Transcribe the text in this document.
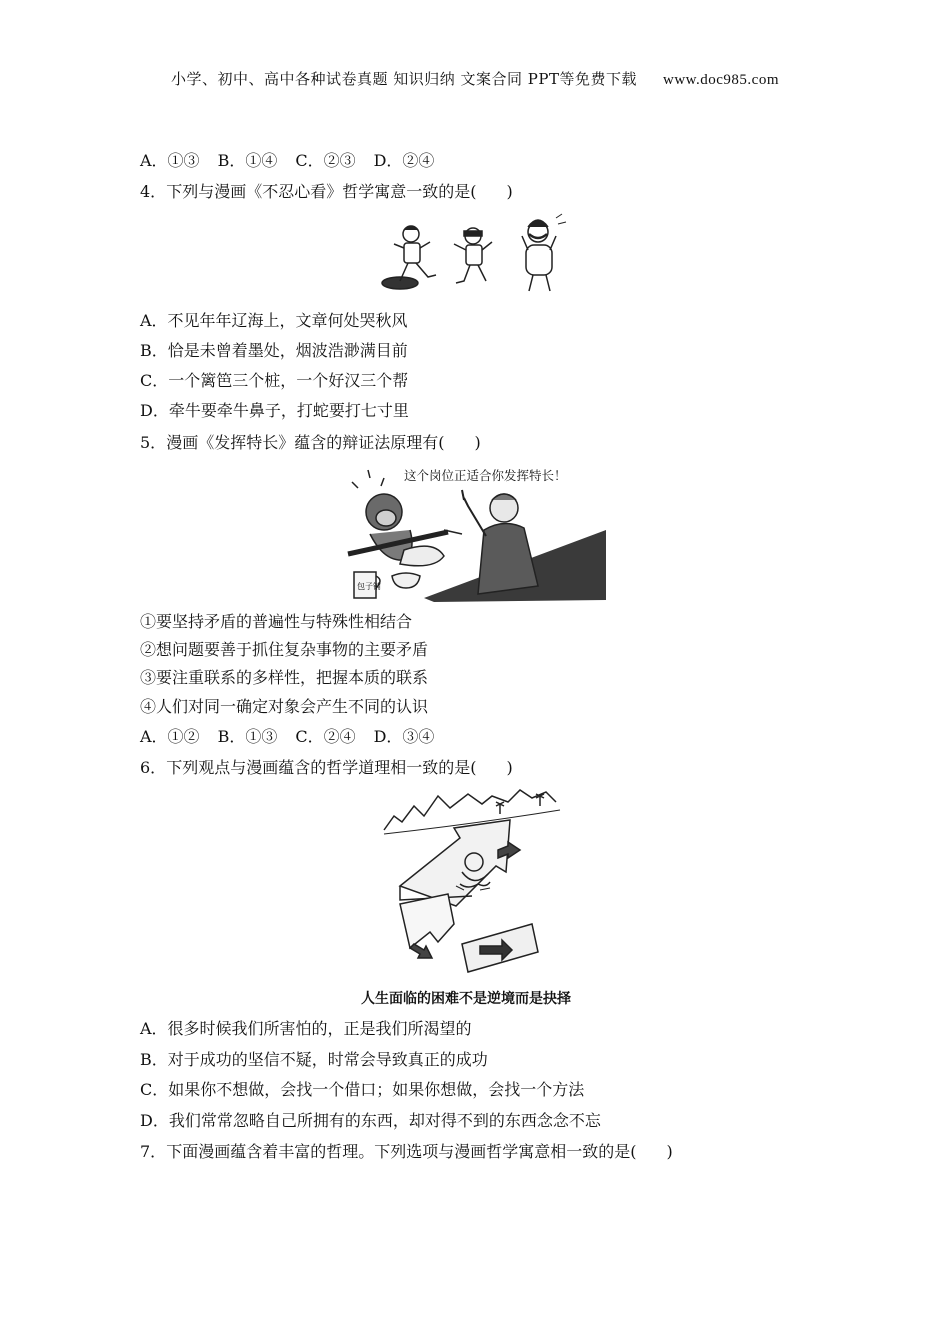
小学、初中、高中各种试卷真题 知识归纳 文案合同 PPT等免费下载 www.doc985.com
A．①③ B．①④ C．②③ D．②④
4．下列与漫画《不忍心看》哲学寓意一致的是( )
A．不见年年辽海上，文章何处哭秋风
B．恰是未曾着墨处，烟波浩渺满目前
C．一个篱笆三个桩，一个好汉三个帮
D．牵牛要牵牛鼻子，打蛇要打七寸里
5．漫画《发挥特长》蕴含的辩证法原理有( )
这个岗位正适合你发挥特长！
包子铺
①要坚持矛盾的普遍性与特殊性相结合
②想问题要善于抓住复杂事物的主要矛盾
③要注重联系的多样性，把握本质的联系
④人们对同一确定对象会产生不同的认识
A．①② B．①③ C．②④ D．③④
6．下列观点与漫画蕴含的哲学道理相一致的是( )
人生面临的困难不是逆境而是抉择
A．很多时候我们所害怕的，正是我们所渴望的
B．对于成功的坚信不疑，时常会导致真正的成功
C．如果你不想做，会找一个借口；如果你想做，会找一个方法
D．我们常常忽略自己所拥有的东西，却对得不到的东西念念不忘
7．下面漫画蕴含着丰富的哲理。下列选项与漫画哲学寓意相一致的是( )
